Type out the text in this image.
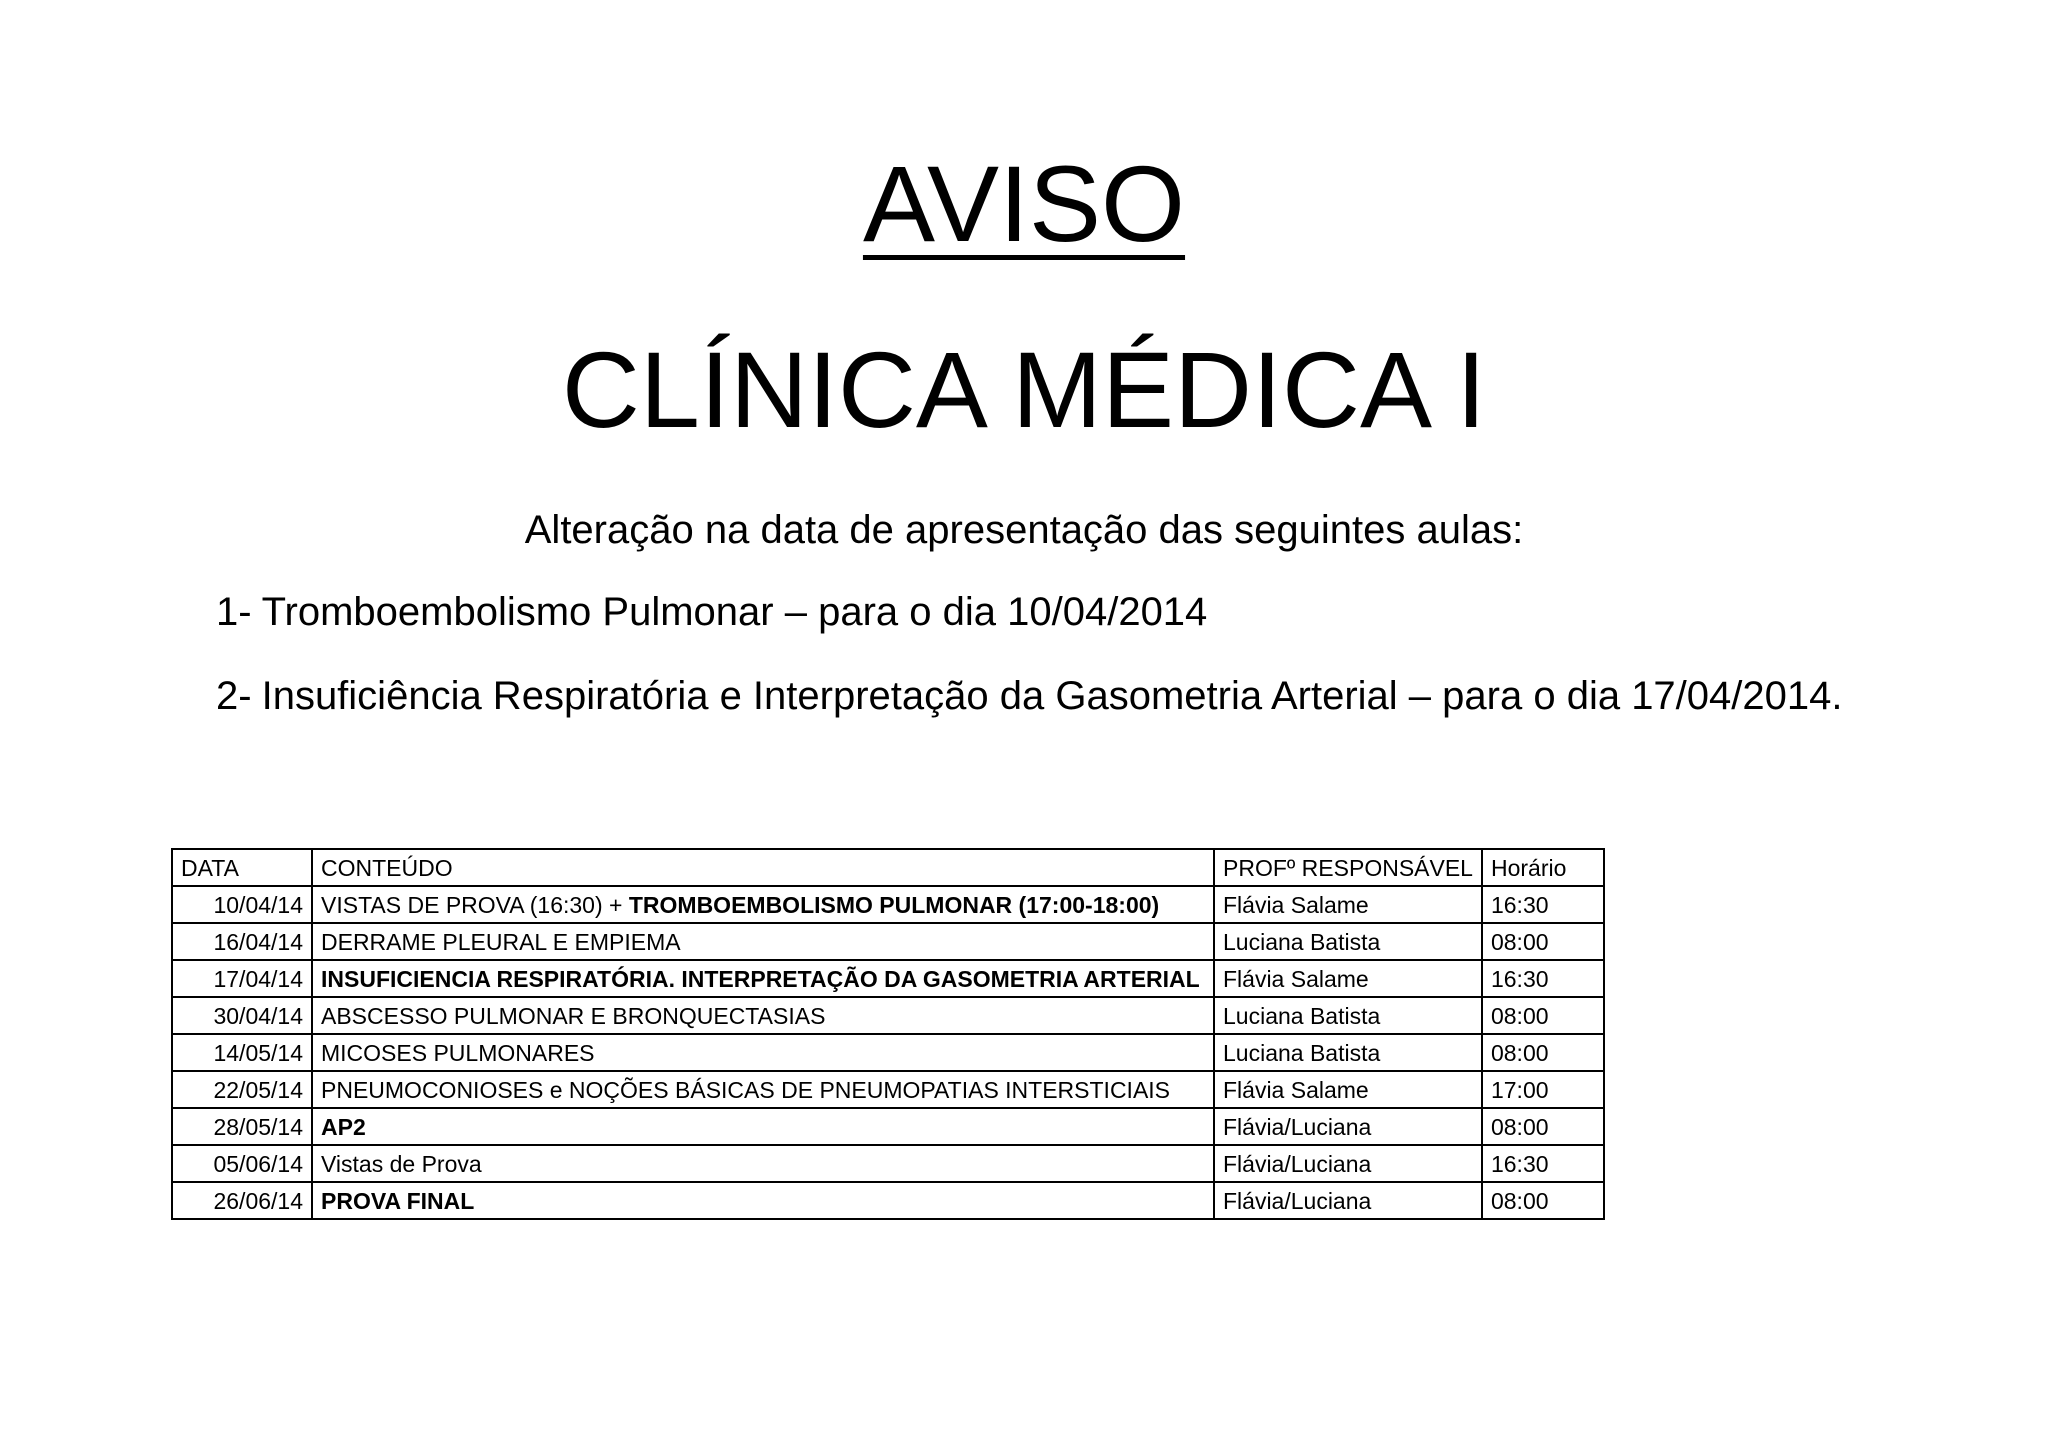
AVISO
CLÍNICA MÉDICA I

Alteração na data de apresentação das seguintes aulas:

1- Tromboembolismo Pulmonar – para o dia 10/04/2014
2- Insuficiência Respiratória e Interpretação da Gasometria Arterial – para o dia 17/04/2014.
DATA	CONTEÚDO	PROFº RESPONSÁVEL	Horário
10/04/14	VISTAS DE PROVA (16:30) + TROMBOEMBOLISMO PULMONAR (17:00-18:00)	Flávia Salame	16:30
16/04/14	DERRAME PLEURAL E EMPIEMA	Luciana Batista	08:00
17/04/14	INSUFICIENCIA RESPIRATÓRIA. INTERPRETAÇÃO DA GASOMETRIA ARTERIAL	Flávia Salame	16:30
30/04/14	ABSCESSO PULMONAR E BRONQUECTASIAS	Luciana Batista	08:00
14/05/14	MICOSES PULMONARES	Luciana Batista	08:00
22/05/14	PNEUMOCONIOSES e NOÇÕES BÁSICAS DE PNEUMOPATIAS INTERSTICIAIS	Flávia Salame	17:00
28/05/14	AP2	Flávia/Luciana	08:00
05/06/14	Vistas de Prova	Flávia/Luciana	16:30
26/06/14	PROVA FINAL	Flávia/Luciana	08:00
